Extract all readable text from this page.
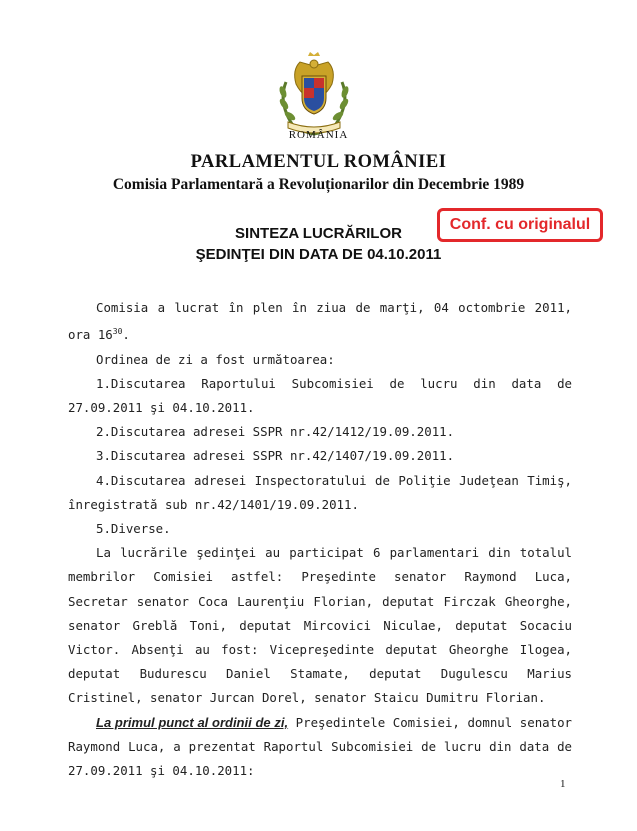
ROMÂNIA
PARLAMENTUL ROMÂNIEI
Comisia Parlamentară a Revoluționarilor din Decembrie 1989
Conf. cu originalul
SINTEZA LUCRĂRILOR
ŞEDINŢEI DIN DATA DE 04.10.2011

Comisia a lucrat în plen în ziua de marţi, 04 octombrie 2011, ora $16^{30}$.

Ordinea de zi a fost următoarea:

1.Discutarea Raportului Subcomisiei de lucru din data de 27.09.2011 şi 04.10.2011.

2.Discutarea adresei SSPR nr.42/1412/19.09.2011.

3.Discutarea adresei SSPR nr.42/1407/19.09.2011.

4.Discutarea adresei Inspectoratului de Poliţie Judeţean Timiş, înregistrată sub nr.42/1401/19.09.2011.

5.Diverse.

La lucrările şedinţei au participat 6 parlamentari din totalul membrilor Comisiei astfel: Preşedinte senator Raymond Luca, Secretar senator Coca Laurenţiu Florian, deputat Firczak Gheorghe, senator Greblă Toni, deputat Mircovici Niculae, deputat Socaciu Victor. Absenţi au fost: Vicepreşedinte deputat Gheorghe Ilogea, deputat Budurescu Daniel Stamate, deputat Dugulescu Marius Cristinel, senator Jurcan Dorel, senator Staicu Dumitru Florian.

La primul punct al ordinii de zi, Preşedintele Comisiei, domnul senator Raymond Luca, a prezentat Raportul Subcomisiei de lucru din data de 27.09.2011 şi 04.10.2011:

1
